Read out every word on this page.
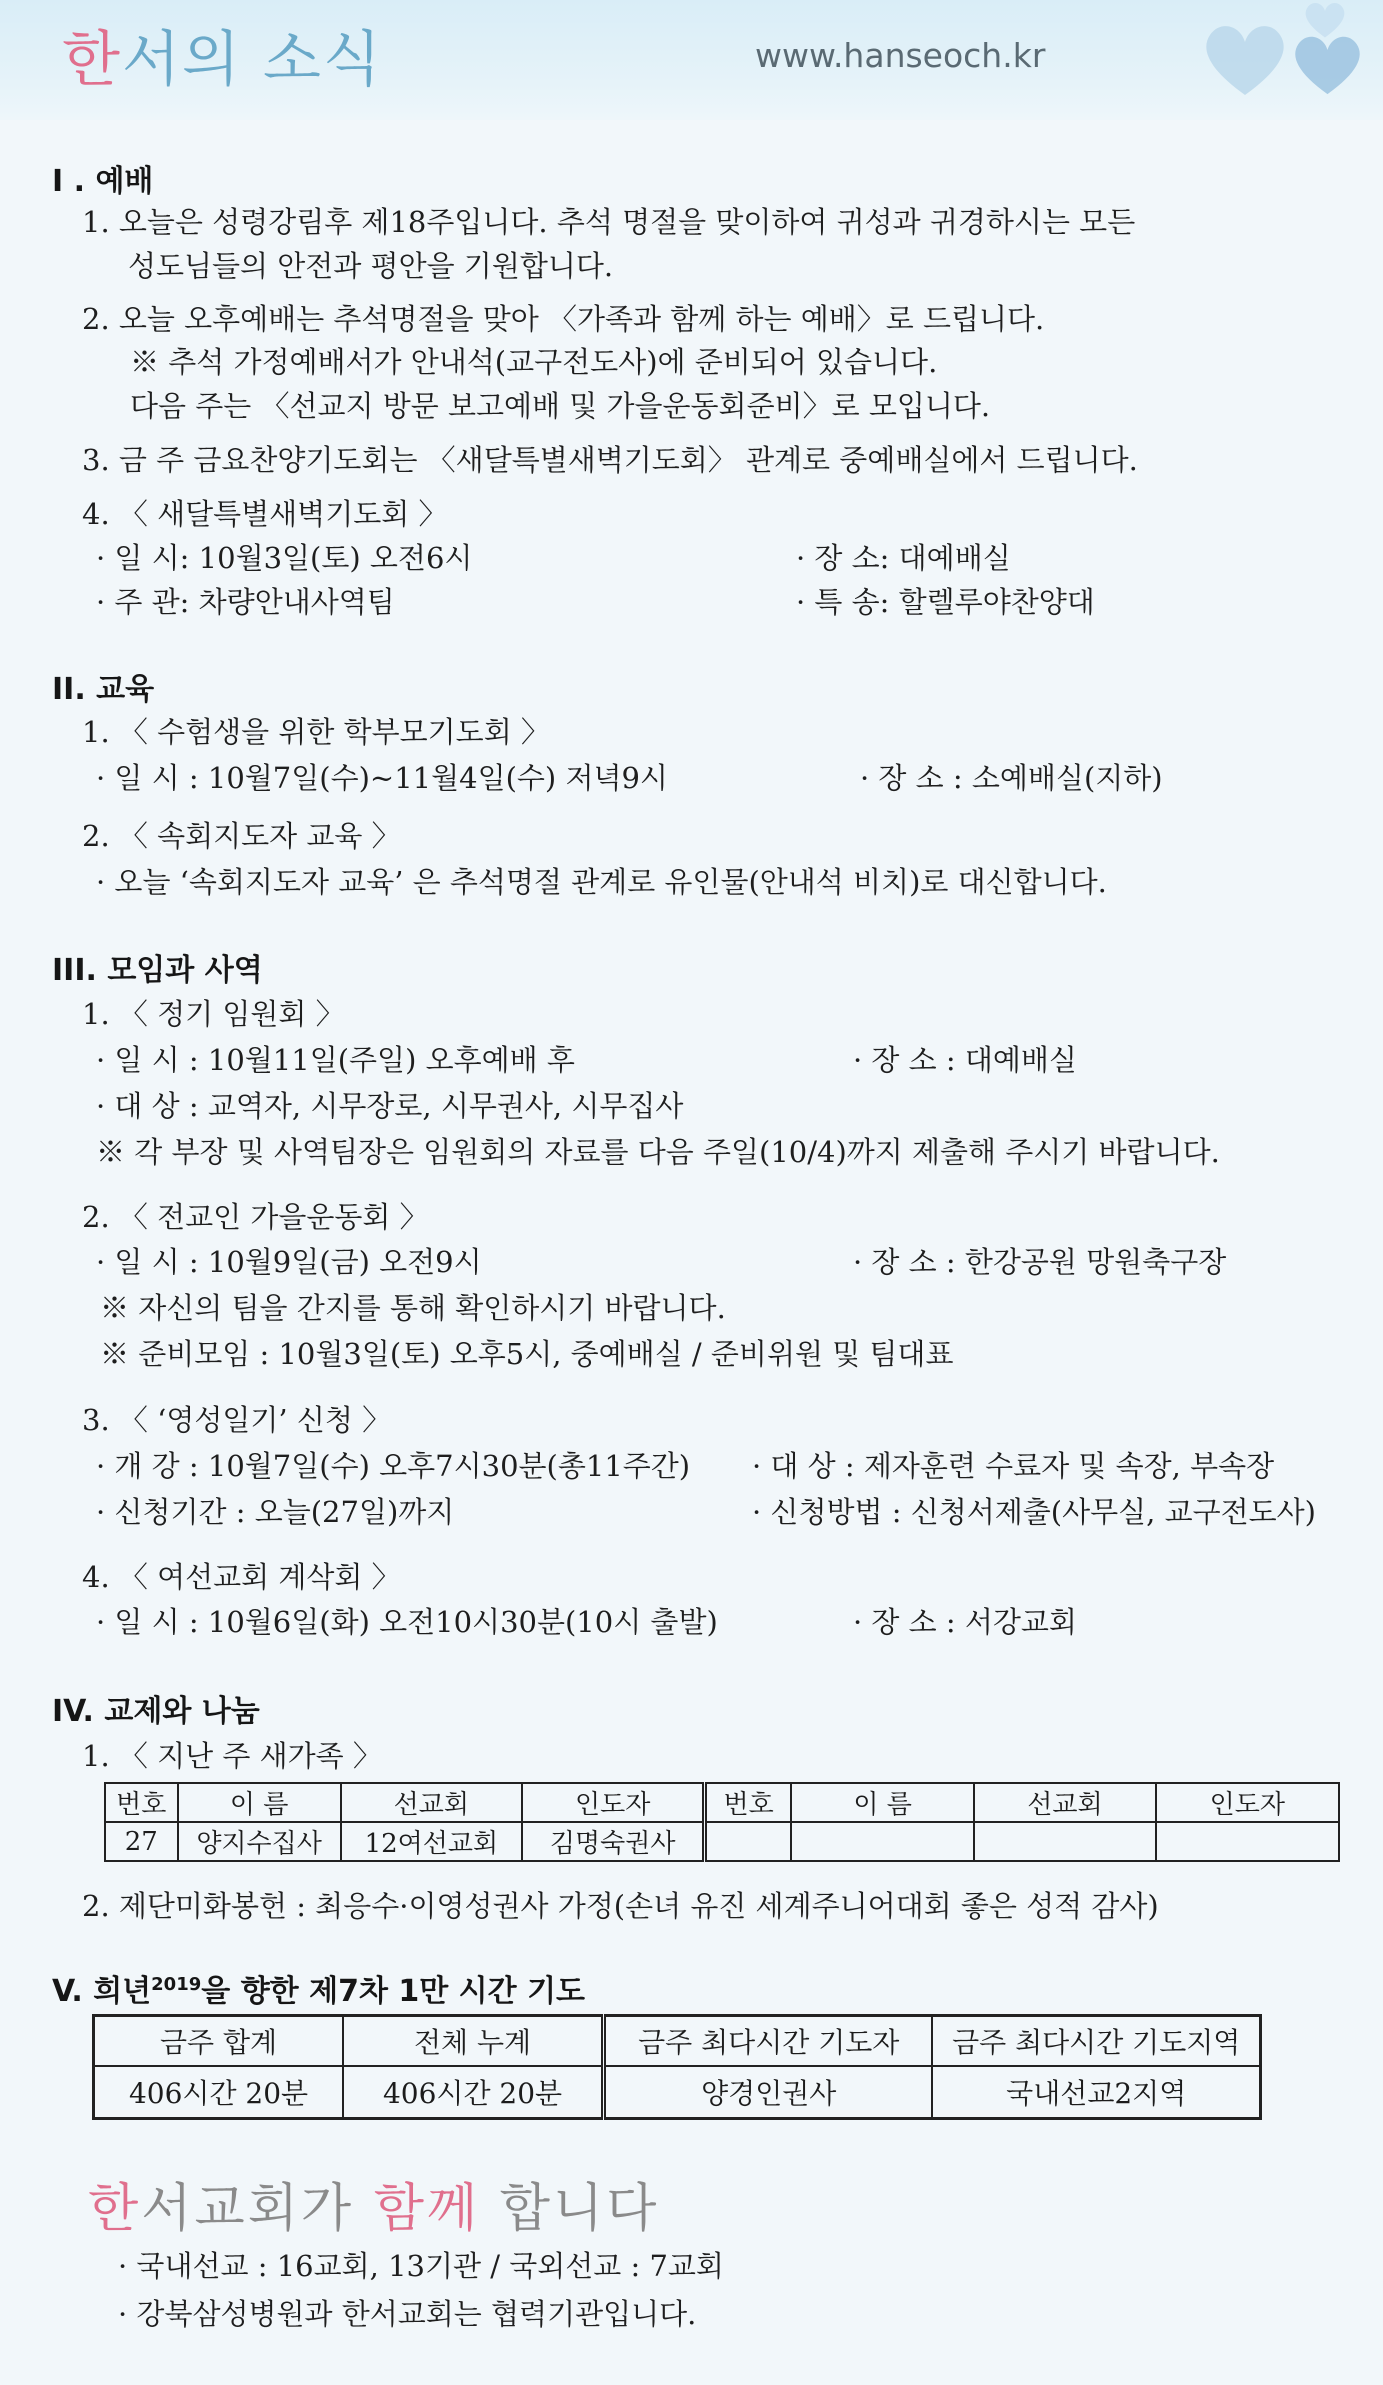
한서의 소식	www.hanseoch.kr
I . 예배
1. 오늘은 성령강림후 제18주입니다. 추석 명절을 맞이하여 귀성과 귀경하시는 모든
성도님들의 안전과 평안을 기원합니다.
2. 오늘 오후예배는 추석명절을 맞아 〈가족과 함께 하는 예배〉로 드립니다.
※ 추석 가정예배서가 안내석(교구전도사)에 준비되어 있습니다.
다음 주는 〈선교지 방문 보고예배 및 가을운동회준비〉로 모입니다.
3. 금 주 금요찬양기도회는 〈새달특별새벽기도회〉 관계로 중예배실에서 드립니다.
4. 〈 새달특별새벽기도회 〉
· 일 시: 10월3일(토) 오전6시	· 장 소: 대예배실
· 주 관: 차량안내사역팀	· 특 송: 할렐루야찬양대
II. 교육
1. 〈 수험생을 위한 학부모기도회 〉
· 일 시 : 10월7일(수)~11월4일(수) 저녁9시	· 장 소 : 소예배실(지하)
2. 〈 속회지도자 교육 〉
· 오늘 ‘속회지도자 교육’ 은 추석명절 관계로 유인물(안내석 비치)로 대신합니다.
III. 모임과 사역
1. 〈 정기 임원회 〉
· 일 시 : 10월11일(주일) 오후예배 후	· 장 소 : 대예배실
· 대 상 : 교역자, 시무장로, 시무권사, 시무집사
※ 각 부장 및 사역팀장은 임원회의 자료를 다음 주일(10/4)까지 제출해 주시기 바랍니다.
2. 〈 전교인 가을운동회 〉
· 일 시 : 10월9일(금) 오전9시	· 장 소 : 한강공원 망원축구장
※ 자신의 팀을 간지를 통해 확인하시기 바랍니다.
※ 준비모임 : 10월3일(토) 오후5시, 중예배실 / 준비위원 및 팀대표
3. 〈 ‘영성일기’ 신청 〉
· 개 강 : 10월7일(수) 오후7시30분(총11주간) · 대 상 : 제자훈련 수료자 및 속장, 부속장
· 신청기간 : 오늘(27일)까지	· 신청방법 : 신청서제출(사무실, 교구전도사)
4. 〈 여선교회 계삭회 〉
· 일 시 : 10월6일(화) 오전10시30분(10시 출발)	· 장 소 : 서강교회
IV. 교제와 나눔
1. 〈 지난 주 새가족 〉
번호	이 름	선교회	인도자	번호	이 름	선교회	인도자
27	양지수집사	12여선교회	김명숙권사				
2. 제단미화봉헌 : 최응수·이영성권사 가정(손녀 유진 세계주니어대회 좋은 성적 감사)
V. 희년$^{2019}$을 향한 제7차 1만 시간 기도
금주 합계	전체 누계	금주 최다시간 기도자	금주 최다시간 기도지역
406시간 20분	406시간 20분	양경인권사	국내선교2지역
한서교회가 함께 합니다
· 국내선교 : 16교회, 13기관 / 국외선교 : 7교회
· 강북삼성병원과 한서교회는 협력기관입니다.
